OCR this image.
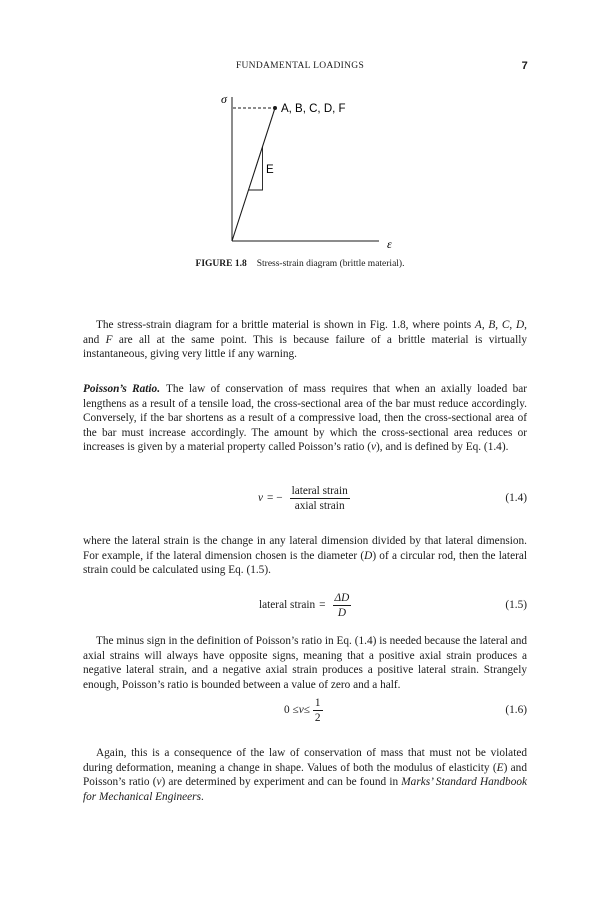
FUNDAMENTAL LOADINGS	7
σ
ε
A, B, C, D, F
E
FIGURE 1.8 Stress-strain diagram (brittle material).

The stress-strain diagram for a brittle material is shown in Fig. 1.8, where points A, B, C, D, and F are all at the same point. This is because failure of a brittle material is virtually instantaneous, giving very little if any warning.

Poisson’s Ratio. The law of conservation of mass requires that when an axially loaded bar lengthens as a result of a tensile load, the cross-sectional area of the bar must reduce accordingly. Conversely, if the bar shortens as a result of a compressive load, then the cross-sectional area of the bar must increase accordingly. The amount by which the cross-sectional area reduces or increases is given by a material property called Poisson’s ratio (ν), and is defined by Eq. (1.4).

ν = − $\frac{\text{lateral strain}}{\text{axial strain}}$	(1.4)

where the lateral strain is the change in any lateral dimension divided by that lateral dimension. For example, if the lateral dimension chosen is the diameter (D) of a circular rod, then the lateral strain could be calculated using Eq. (1.5).

lateral strain = $\frac{\Delta D}{D}$	(1.5)

The minus sign in the definition of Poisson’s ratio in Eq. (1.4) is needed because the lateral and axial strains will always have opposite signs, meaning that a positive axial strain produces a negative lateral strain, and a negative axial strain produces a positive lateral strain. Strangely enough, Poisson’s ratio is bounded between a value of zero and a half.

$0 \le \nu \le \frac{1}{2}$	(1.6)

Again, this is a consequence of the law of conservation of mass that must not be violated during deformation, meaning a change in shape. Values of both the modulus of elasticity (E) and Poisson’s ratio (ν) are determined by experiment and can be found in Marks’ Standard Handbook for Mechanical Engineers.
